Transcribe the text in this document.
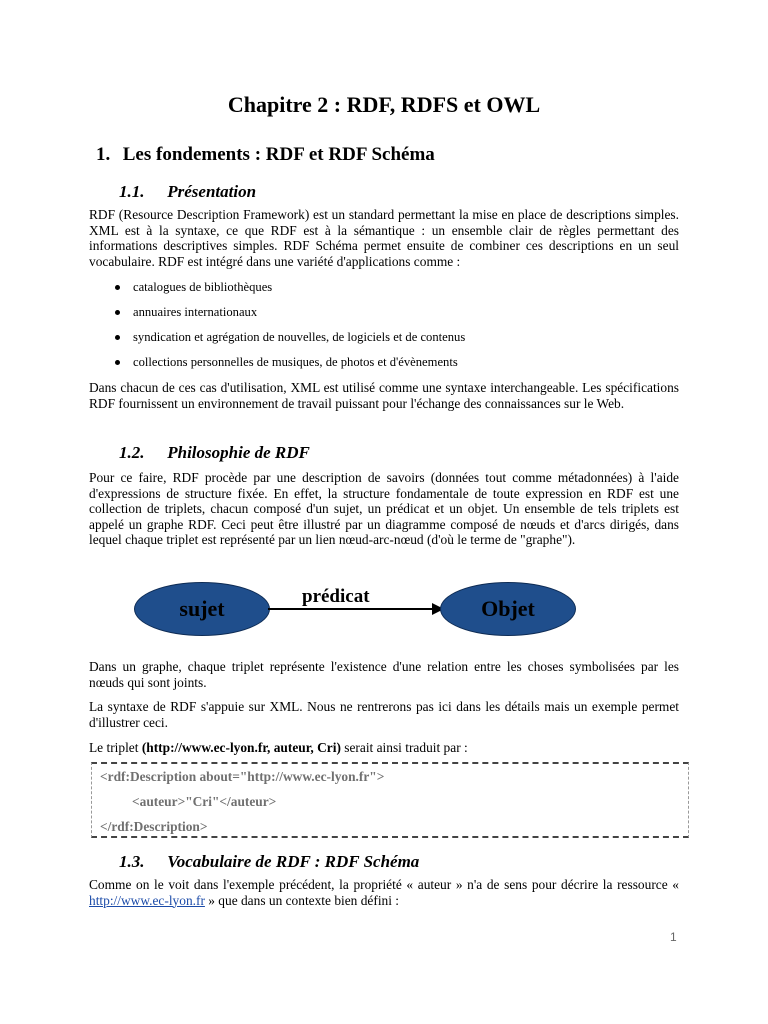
Chapitre 2 : RDF, RDFS et OWL
1. Les fondements : RDF et RDF Schéma
1.1. Présentation

RDF (Resource Description Framework) est un standard permettant la mise en place de descriptions simples. XML est à la syntaxe, ce que RDF est à la sémantique : un ensemble clair de règles permettant des informations descriptives simples. RDF Schéma permet ensuite de combiner ces descriptions en un seul vocabulaire. RDF est intégré dans une variété d'applications comme :

catalogues de bibliothèques
annuaires internationaux
syndication et agrégation de nouvelles, de logiciels et de contenus
collections personnelles de musiques, de photos et d'évènements

Dans chacun de ces cas d'utilisation, XML est utilisé comme une syntaxe interchangeable. Les spécifications RDF fournissent un environnement de travail puissant pour l'échange des connaissances sur le Web.

1.2. Philosophie de RDF

Pour ce faire, RDF procède par une description de savoirs (données tout comme métadonnées) à l'aide d'expressions de structure fixée. En effet, la structure fondamentale de toute expression en RDF est une collection de triplets, chacun composé d'un sujet, un prédicat et un objet. Un ensemble de tels triplets est appelé un graphe RDF. Ceci peut être illustré par un diagramme composé de nœuds et d'arcs dirigés, dans lequel chaque triplet est représenté par un lien nœud-arc-nœud (d'où le terme de "graphe").

sujet	prédicat	Objet

Dans un graphe, chaque triplet représente l'existence d'une relation entre les choses symbolisées par les nœuds qui sont joints.

La syntaxe de RDF s'appuie sur XML. Nous ne rentrerons pas ici dans les détails mais un exemple permet d'illustrer ceci.

Le triplet (http://www.ec-lyon.fr, auteur, Cri) serait ainsi traduit par :

<rdf:Description about="http://www.ec-lyon.fr">
<auteur>"Cri"</auteur>
</rdf:Description>
1.3. Vocabulaire de RDF : RDF Schéma

Comme on le voit dans l'exemple précédent, la propriété « auteur » n'a de sens pour décrire la ressource « http://www.ec-lyon.fr » que dans un contexte bien défini :

1
